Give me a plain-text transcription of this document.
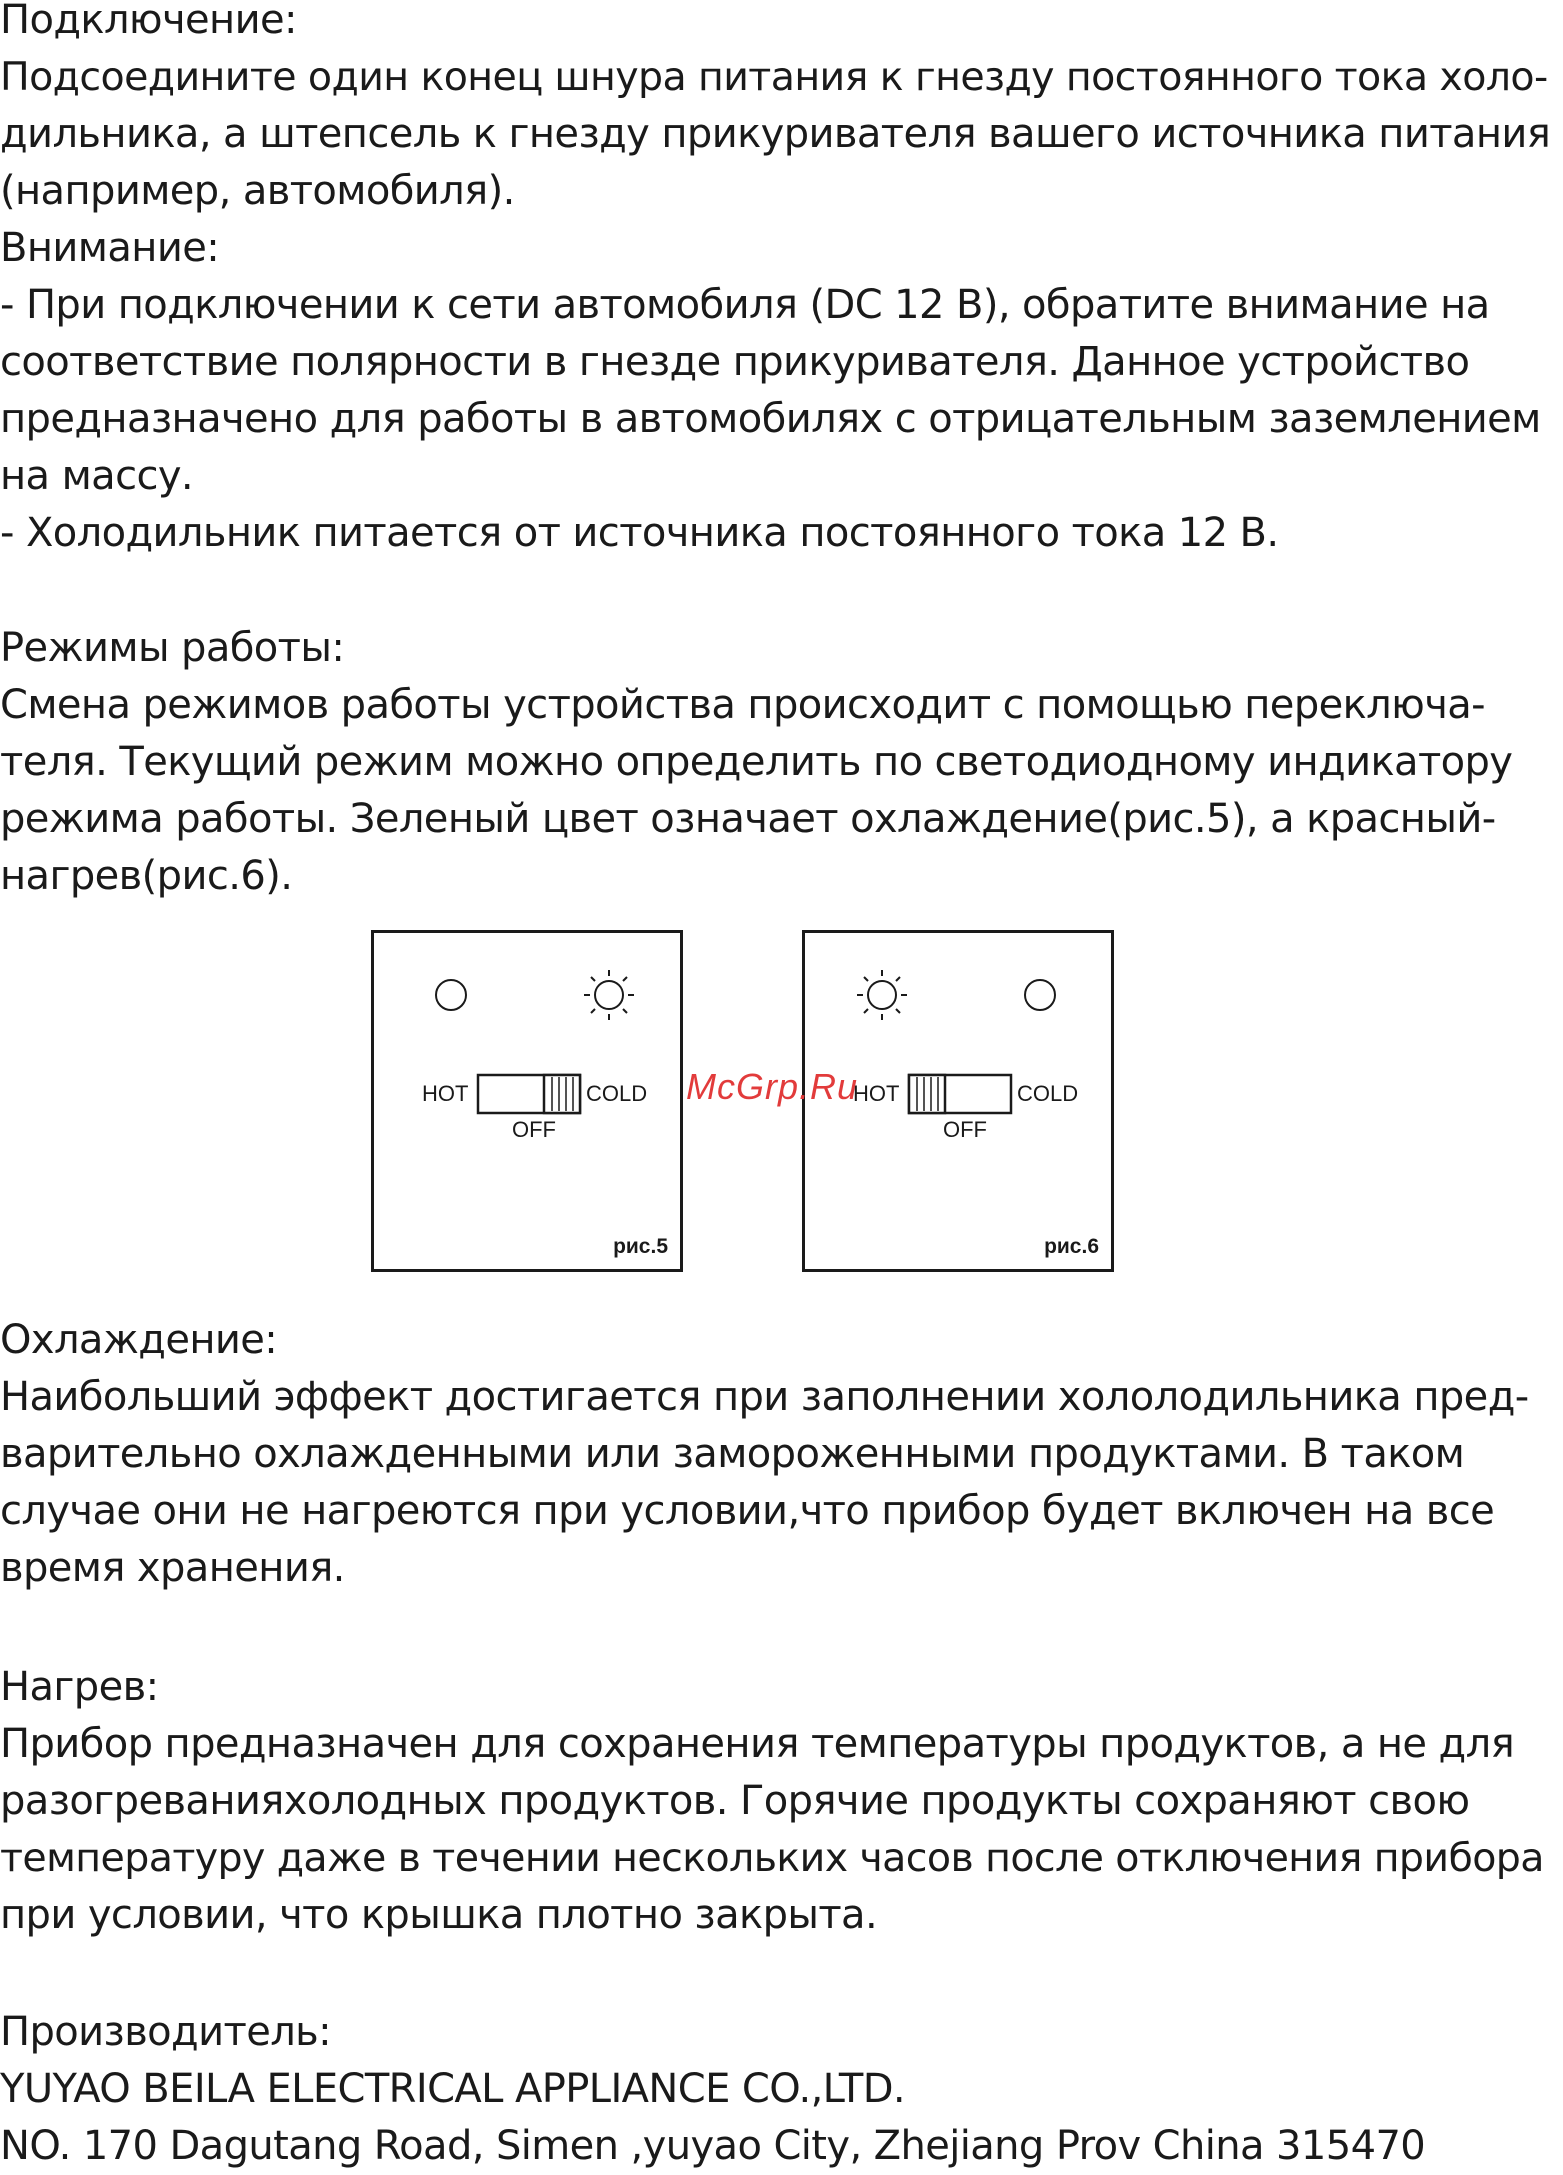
Подключение:
Подсоедините один конец шнура питания к гнезду постоянного тока холо-
дильника, а штепсель к гнезду прикуривателя вашего источника питания
(например, автомобиля).
Внимание:
- При подключении к сети автомобиля (DC 12 В), обратите внимание на
соответствие полярности в гнезде прикуривателя. Данное устройство
предназначено для работы в автомобилях с отрицательным заземлением
на массу.
- Холодильник питается от источника постоянного тока 12 В.
Режимы работы:
Смена режимов работы устройства происходит с помощью переключа-
теля. Текущий режим можно определить по светодиодному индикатору
режима работы. Зеленый цвет означает охлаждение(рис.5), а красный-
нагрев(рис.6).
HOT	COLD
OFF
рис.5
HOT	COLD
OFF
рис.6
McGrp.Ru
Охлаждение:
Наибольший эффект достигается при заполнении хололодильника пред-
варительно охлажденными или замороженными продуктами. В таком
случае они не нагреются при условии,что прибор будет включен на все
время хранения.
Нагрев:
Прибор предназначен для сохранения температуры продуктов, а не для
разогреванияхолодных продуктов. Горячие продукты сохраняют свою
температуру даже в течении нескольких часов после отключения прибора
при условии, что крышка плотно закрыта.
Производитель:
YUYAO BEILA ELECTRICAL APPLIANCE CO.,LTD.
NO. 170 Dagutang Road, Simen ,yuyao City, Zhejiang Prov China 315470
